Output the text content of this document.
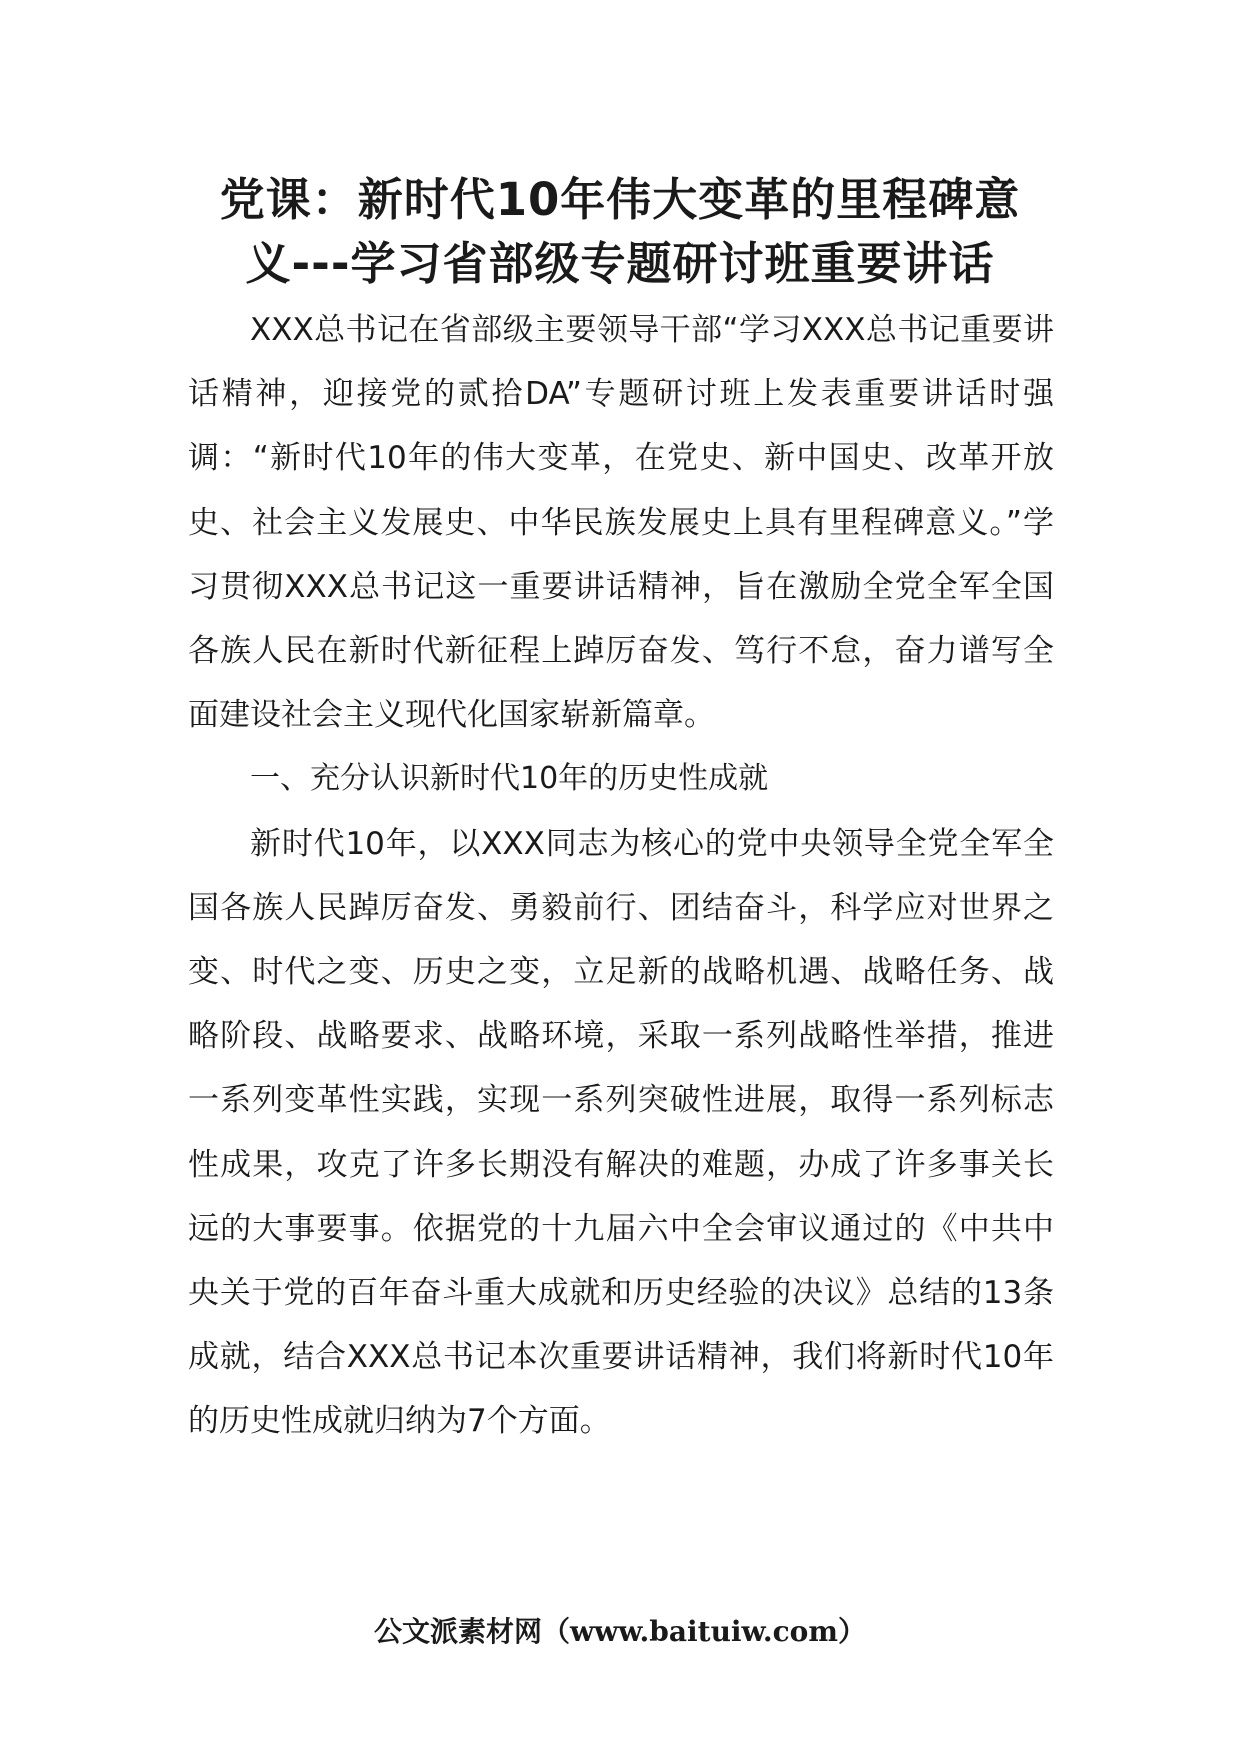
党课：新时代10年伟大变革的里程碑意
义---学习省部级专题研讨班重要讲话

XXX总书记在省部级主要领导干部“学习XXX总书记重要讲话精神，迎接党的贰拾DA”专题研讨班上发表重要讲话时强调：“新时代10年的伟大变革，在党史、新中国史、改革开放史、社会主义发展史、中华民族发展史上具有里程碑意义。”学习贯彻XXX总书记这一重要讲话精神，旨在激励全党全军全国各族人民在新时代新征程上踔厉奋发、笃行不怠，奋力谱写全面建设社会主义现代化国家崭新篇章。

一、充分认识新时代10年的历史性成就

新时代10年，以XXX同志为核心的党中央领导全党全军全国各族人民踔厉奋发、勇毅前行、团结奋斗，科学应对世界之变、时代之变、历史之变，立足新的战略机遇、战略任务、战略阶段、战略要求、战略环境，采取一系列战略性举措，推进一系列变革性实践，实现一系列突破性进展，取得一系列标志性成果，攻克了许多长期没有解决的难题，办成了许多事关长远的大事要事。依据党的十九届六中全会审议通过的《中共中央关于党的百年奋斗重大成就和历史经验的决议》总结的13条成就，结合XXX总书记本次重要讲话精神，我们将新时代10年的历史性成就归纳为7个方面。

公文派素材网（www.baituiw.com）
